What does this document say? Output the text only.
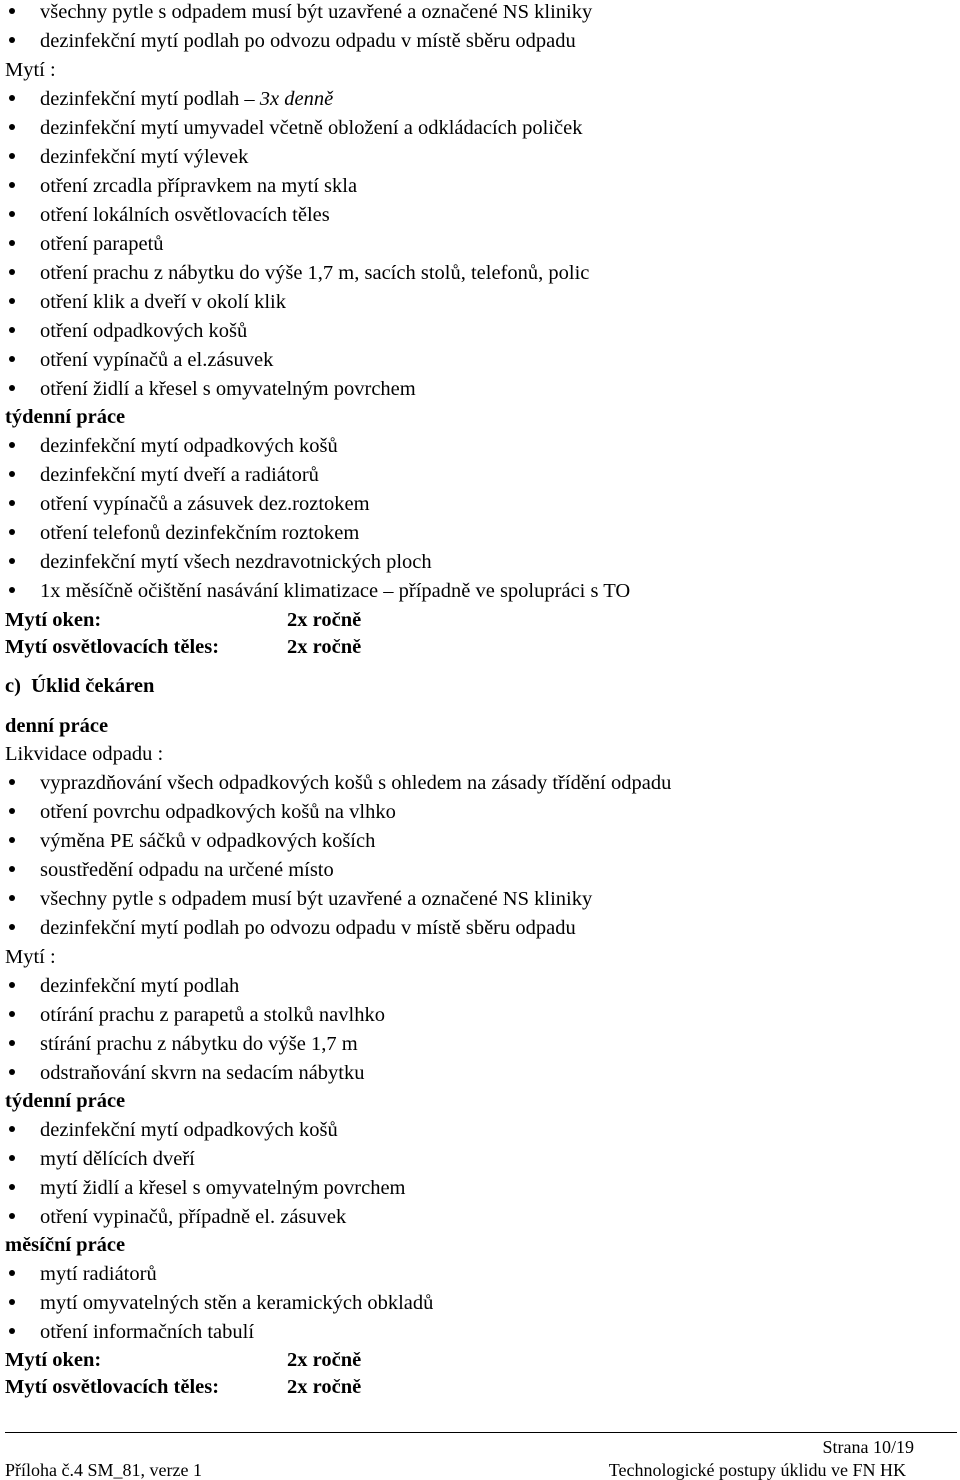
všechny pytle s odpadem musí být uzavřené a označené NS kliniky
dezinfekční mytí podlah po odvozu odpadu v místě sběru odpadu
Mytí :
dezinfekční mytí podlah – 3x denně
dezinfekční mytí umyvadel včetně obložení a odkládacích poliček
dezinfekční mytí výlevek
otření zrcadla přípravkem na mytí skla
otření lokálních osvětlovacích těles
otření parapetů
otření prachu z nábytku do výše 1,7 m, sacích stolů, telefonů, polic
otření klik a dveří v okolí klik
otření odpadkových košů
otření vypínačů a el.zásuvek
otření židlí a křesel s omyvatelným povrchem
týdenní práce
dezinfekční mytí odpadkových košů
dezinfekční mytí dveří a radiátorů
otření vypínačů a zásuvek dez.roztokem
otření telefonů dezinfekčním roztokem
dezinfekční mytí všech nezdravotnických ploch
1x měsíčně očištění nasávání klimatizace – případně ve spolupráci s TO
Mytí oken:	2x ročně
Mytí osvětlovacích těles:	2x ročně
c)  Úklid čekáren
denní práce
Likvidace odpadu :
vyprazdňování všech odpadkových košů s ohledem na zásady třídění odpadu
otření povrchu odpadkových košů na vlhko
výměna PE sáčků v odpadkových koších
soustředění odpadu na určené místo
všechny pytle s odpadem musí být uzavřené a označené NS kliniky
dezinfekční mytí podlah po odvozu odpadu v místě sběru odpadu
Mytí :
dezinfekční mytí podlah
otírání prachu z parapetů a stolků navlhko
stírání prachu z nábytku do výše 1,7 m
odstraňování skvrn na sedacím nábytku
týdenní práce
dezinfekční mytí odpadkových košů
mytí dělících dveří
mytí židlí a křesel s omyvatelným povrchem
otření vypinačů, případně el. zásuvek
měsíční práce
mytí radiátorů
mytí omyvatelných stěn a keramických obkladů
otření informačních tabulí
Mytí oken:	2x ročně
Mytí osvětlovacích těles:	2x ročně
Strana 10/19
Příloha č.4 SM_81, verze 1	Technologické postupy úklidu ve FN HK
